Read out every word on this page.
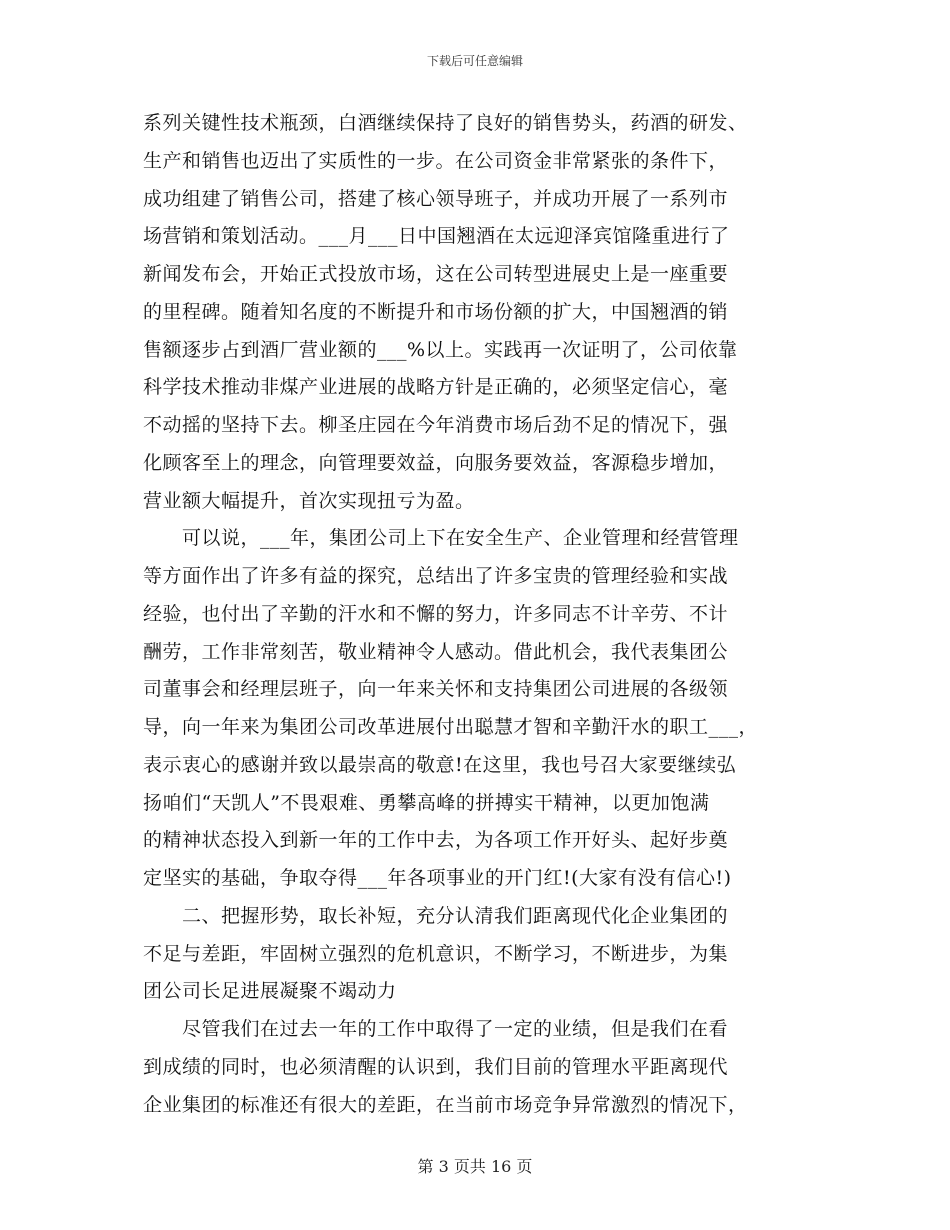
下载后可任意编辑
系列关键性技术瓶颈，白酒继续保持了良好的销售势头，药酒的研发、
生产和销售也迈出了实质性的一步。在公司资金非常紧张的条件下，
成功组建了销售公司，搭建了核心领导班子，并成功开展了一系列市
场营销和策划活动。___月___日中国翘酒在太远迎泽宾馆隆重进行了
新闻发布会，开始正式投放市场，这在公司转型进展史上是一座重要
的里程碑。随着知名度的不断提升和市场份额的扩大，中国翘酒的销
售额逐步占到酒厂营业额的___%以上。实践再一次证明了，公司依靠
科学技术推动非煤产业进展的战略方针是正确的，必须坚定信心，毫
不动摇的坚持下去。柳圣庄园在今年消费市场后劲不足的情况下，强
化顾客至上的理念，向管理要效益，向服务要效益，客源稳步增加，
营业额大幅提升，首次实现扭亏为盈。
　　可以说，___年，集团公司上下在安全生产、企业管理和经营管理
等方面作出了许多有益的探究，总结出了许多宝贵的管理经验和实战
经验，也付出了辛勤的汗水和不懈的努力，许多同志不计辛劳、不计
酬劳，工作非常刻苦，敬业精神令人感动。借此机会，我代表集团公
司董事会和经理层班子，向一年来关怀和支持集团公司进展的各级领
导，向一年来为集团公司改革进展付出聪慧才智和辛勤汗水的职工___，
表示衷心的感谢并致以最崇高的敬意!在这里，我也号召大家要继续弘
扬咱们“天凯人”不畏艰难、勇攀高峰的拼搏实干精神，以更加饱满
的精神状态投入到新一年的工作中去，为各项工作开好头、起好步奠
定坚实的基础，争取夺得___年各项事业的开门红!(大家有没有信心!)
　　二、把握形势，取长补短，充分认清我们距离现代化企业集团的
不足与差距，牢固树立强烈的危机意识，不断学习，不断进步，为集
团公司长足进展凝聚不竭动力
　　尽管我们在过去一年的工作中取得了一定的业绩，但是我们在看
到成绩的同时，也必须清醒的认识到，我们目前的管理水平距离现代
企业集团的标准还有很大的差距，在当前市场竞争异常激烈的情况下，
第 3 页共 16 页
